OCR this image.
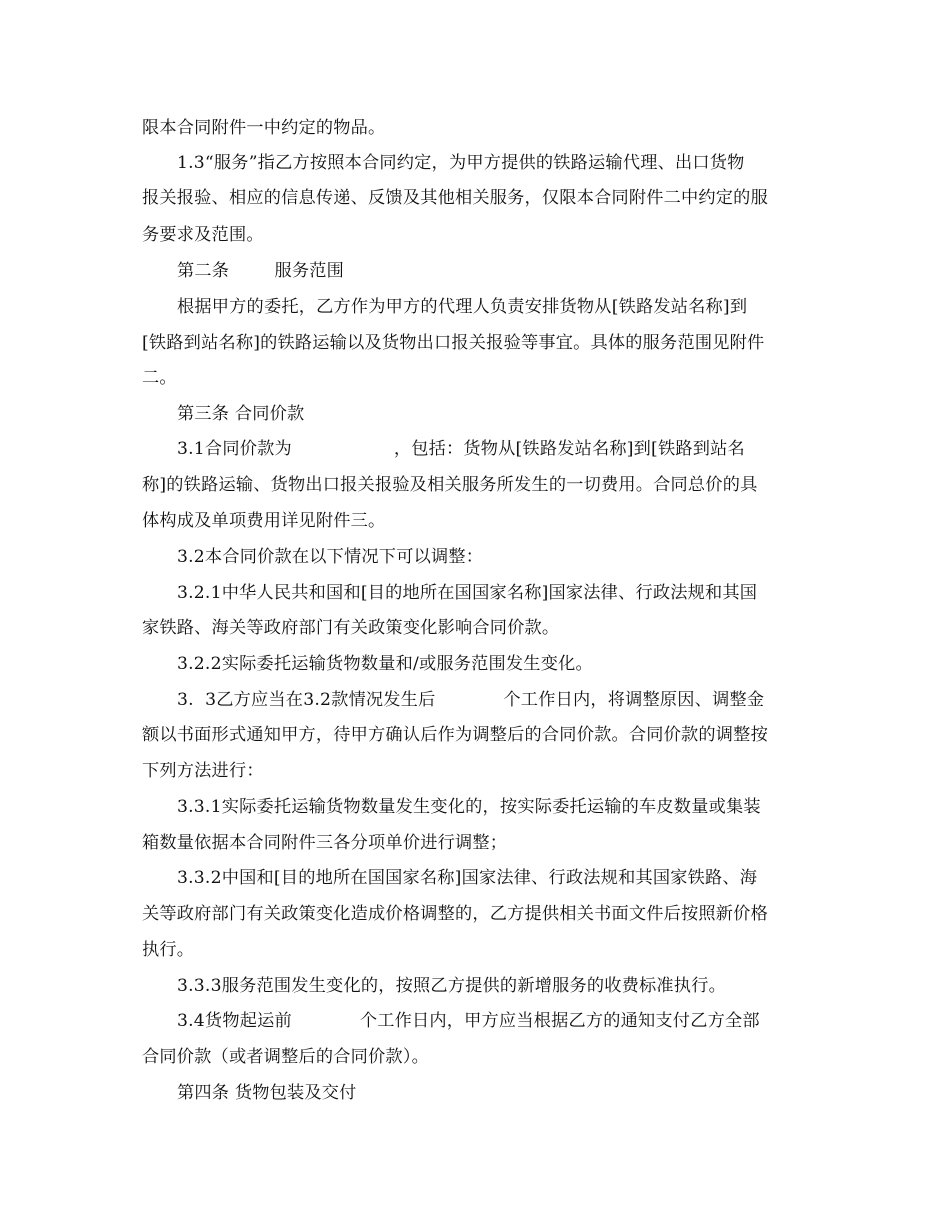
限本合同附件一中约定的物品。
1.3“服务”指乙方按照本合同约定，为甲方提供的铁路运输代理、出口货物
报关报验、相应的信息传递、反馈及其他相关服务，仅限本合同附件二中约定的服
务要求及范围。
第二条        服务范围
根据甲方的委托，乙方作为甲方的代理人负责安排货物从[铁路发站名称]到
[铁路到站名称]的铁路运输以及货物出口报关报验等事宜。具体的服务范围见附件
二。
第三条 合同价款
3.1合同价款为                  ，包括：货物从[铁路发站名称]到[铁路到站名
称]的铁路运输、货物出口报关报验及相关服务所发生的一切费用。合同总价的具
体构成及单项费用详见附件三。
3.2本合同价款在以下情况下可以调整：
3.2.1中华人民共和国和[目的地所在国国家名称]国家法律、行政法规和其国
家铁路、海关等政府部门有关政策变化影响合同价款。
3.2.2实际委托运输货物数量和/或服务范围发生变化。
3.  3乙方应当在3.2款情况发生后            个工作日内，将调整原因、调整金
额以书面形式通知甲方，待甲方确认后作为调整后的合同价款。合同价款的调整按
下列方法进行：
3.3.1实际委托运输货物数量发生变化的，按实际委托运输的车皮数量或集装
箱数量依据本合同附件三各分项单价进行调整；
3.3.2中国和[目的地所在国国家名称]国家法律、行政法规和其国家铁路、海
关等政府部门有关政策变化造成价格调整的，乙方提供相关书面文件后按照新价格
执行。
3.3.3服务范围发生变化的，按照乙方提供的新增服务的收费标准执行。
3.4货物起运前            个工作日内，甲方应当根据乙方的通知支付乙方全部
合同价款（或者调整后的合同价款）。
第四条 货物包装及交付
